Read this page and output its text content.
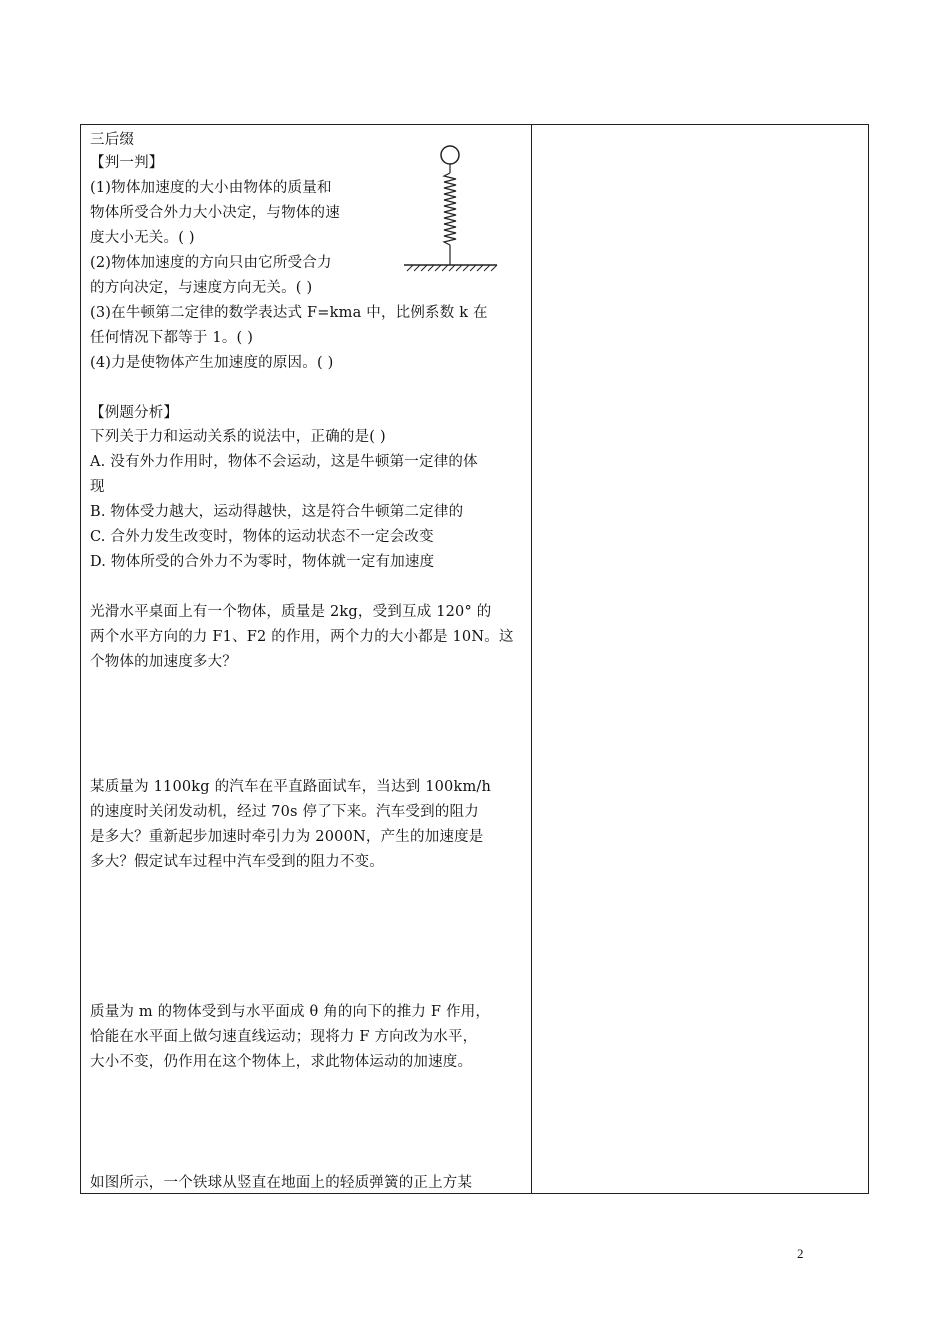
三后缀
【判一判】
(1)物体加速度的大小由物体的质量和
物体所受合外力大小决定，与物体的速
度大小无关。( )
(2)物体加速度的方向只由它所受合力
的方向决定，与速度方向无关。( )
(3)在牛顿第二定律的数学表达式 F=kma 中，比例系数 k 在
任何情况下都等于 1。( )
(4)力是使物体产生加速度的原因。( )
【例题分析】
下列关于力和运动关系的说法中，正确的是( )
A. 没有外力作用时，物体不会运动，这是牛顿第一定律的体
现
B. 物体受力越大，运动得越快，这是符合牛顿第二定律的
C. 合外力发生改变时，物体的运动状态不一定会改变
D. 物体所受的合外力不为零时，物体就一定有加速度
光滑水平桌面上有一个物体，质量是 2kg，受到互成 120° 的
两个水平方向的力 F1、F2 的作用，两个力的大小都是 10N。这
个物体的加速度多大？
某质量为 1100kg 的汽车在平直路面试车，当达到 100km/h
的速度时关闭发动机，经过 70s 停了下来。汽车受到的阻力
是多大？重新起步加速时牵引力为 2000N，产生的加速度是
多大？假定试车过程中汽车受到的阻力不变。
质量为 m 的物体受到与水平面成 θ 角的向下的推力 F 作用，
恰能在水平面上做匀速直线运动；现将力 F 方向改为水平，
大小不变，仍作用在这个物体上，求此物体运动的加速度。
如图所示，一个铁球从竖直在地面上的轻质弹簧的正上方某
2
